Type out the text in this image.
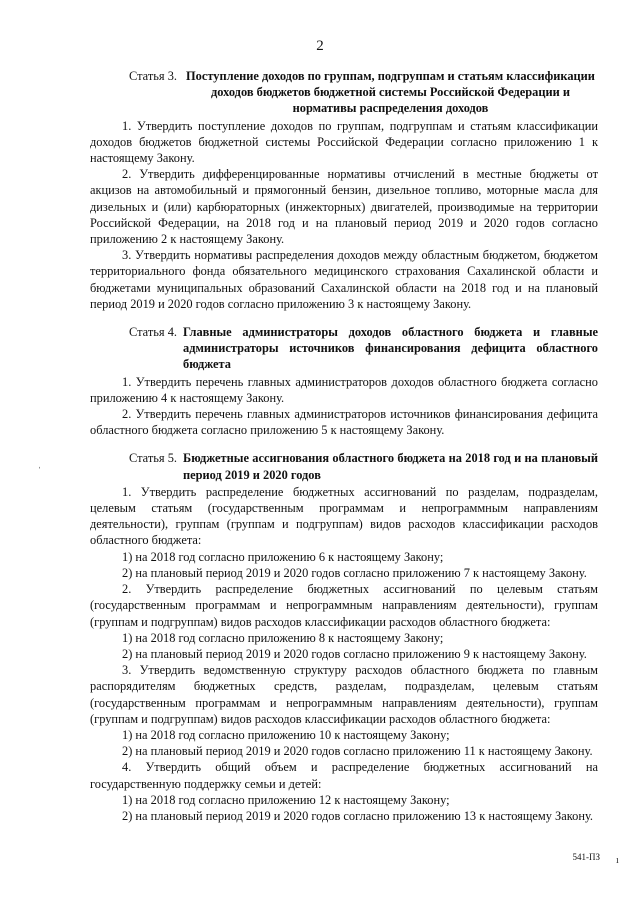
2
Статья 3. Поступление доходов по группам, подгруппам и статьям классификации доходов бюджетов бюджетной системы Российской Федерации и нормативы распределения доходов

1. Утвердить поступление доходов по группам, подгруппам и статьям классификации доходов бюджетов бюджетной системы Российской Федерации согласно приложению 1 к настоящему Закону.

2. Утвердить дифференцированные нормативы отчислений в местные бюджеты от акцизов на автомобильный и прямогонный бензин, дизельное топливо, моторные масла для дизельных и (или) карбюраторных (инжекторных) двигателей, производимые на территории Российской Федерации, на 2018 год и на плановый период 2019 и 2020 годов согласно приложению 2 к настоящему Закону.

3. Утвердить нормативы распределения доходов между областным бюджетом, бюджетом территориального фонда обязательного медицинского страхования Сахалинской области и бюджетами муниципальных образований Сахалинской области на 2018 год и на плановый период 2019 и 2020 годов согласно приложению 3 к настоящему Закону.

Статья 4. Главные администраторы доходов областного бюджета и главные администраторы источников финансирования дефицита областного бюджета

1. Утвердить перечень главных администраторов доходов областного бюджета согласно приложению 4 к настоящему Закону.

2. Утвердить перечень главных администраторов источников финансирования дефицита областного бюджета согласно приложению 5 к настоящему Закону.

Статья 5. Бюджетные ассигнования областного бюджета на 2018 год и на плановый период 2019 и 2020 годов

1. Утвердить распределение бюджетных ассигнований по разделам, подразделам, целевым статьям (государственным программам и непрограммным направлениям деятельности), группам (группам и подгруппам) видов расходов классификации расходов областного бюджета:

1) на 2018 год согласно приложению 6 к настоящему Закону;

2) на плановый период 2019 и 2020 годов согласно приложению 7 к настоящему Закону.

2. Утвердить распределение бюджетных ассигнований по целевым статьям (государственным программам и непрограммным направлениям деятельности), группам (группам и подгруппам) видов расходов классификации расходов областного бюджета:

1) на 2018 год согласно приложению 8 к настоящему Закону;

2) на плановый период 2019 и 2020 годов согласно приложению 9 к настоящему Закону.

3. Утвердить ведомственную структуру расходов областного бюджета по главным распорядителям бюджетных средств, разделам, подразделам, целевым статьям (государственным программам и непрограммным направлениям деятельности), группам (группам и подгруппам) видов расходов классификации расходов областного бюджета:

1) на 2018 год согласно приложению 10 к настоящему Закону;

2) на плановый период 2019 и 2020 годов согласно приложению 11 к настоящему Закону.

4. Утвердить общий объем и распределение бюджетных ассигнований на государственную поддержку семьи и детей:

1) на 2018 год согласно приложению 12 к настоящему Закону;

2) на плановый период 2019 и 2020 годов согласно приложению 13 к настоящему Закону.

541-ПЗ
ˌ
ı
